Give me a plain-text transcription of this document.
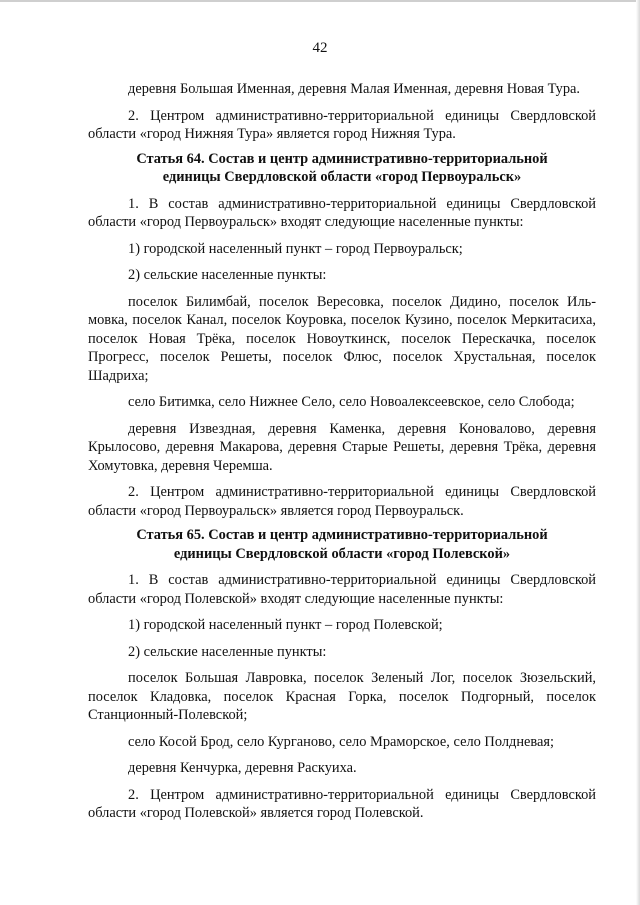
42

деревня Большая Именная, деревня Малая Именная, деревня Новая Тура.

2. Центром административно-территориальной единицы Свердловской области «город Нижняя Тура» является город Нижняя Тура.

Статья 64. Состав и центр административно-территориальной
единицы Свердловской области «город Первоуральск»

1. В состав административно-территориальной единицы Свердловской области «город Первоуральск» входят следующие населенные пункты:

1) городской населенный пункт – город Первоуральск;

2) сельские населенные пункты:

поселок Билимбай, поселок Вересовка, поселок Дидино, поселок Ильмовка, поселок Канал, поселок Коуровка, поселок Кузино, поселок Меркитасиха, поселок Новая Трёка, поселок Новоуткинск, поселок Перескачка, поселок Прогресс, поселок Решеты, поселок Флюс, поселок Хрустальная, поселок Шадриха;

село Битимка, село Нижнее Село, село Новоалексеевское, село Слобода;

деревня Извездная, деревня Каменка, деревня Коновалово, деревня Крылосово, деревня Макарова, деревня Старые Решеты, деревня Трёка, деревня Хомутовка, деревня Черемша.

2. Центром административно-территориальной единицы Свердловской области «город Первоуральск» является город Первоуральск.

Статья 65. Состав и центр административно-территориальной
единицы Свердловской области «город Полевской»

1. В состав административно-территориальной единицы Свердловской области «город Полевской» входят следующие населенные пункты:

1) городской населенный пункт – город Полевской;

2) сельские населенные пункты:

поселок Большая Лавровка, поселок Зеленый Лог, поселок Зюзельский, поселок Кладовка, поселок Красная Горка, поселок Подгорный, поселок Станционный-Полевской;

село Косой Брод, село Курганово, село Мраморское, село Полдневая;

деревня Кенчурка, деревня Раскуиха.

2. Центром административно-территориальной единицы Свердловской области «город Полевской» является город Полевской.
